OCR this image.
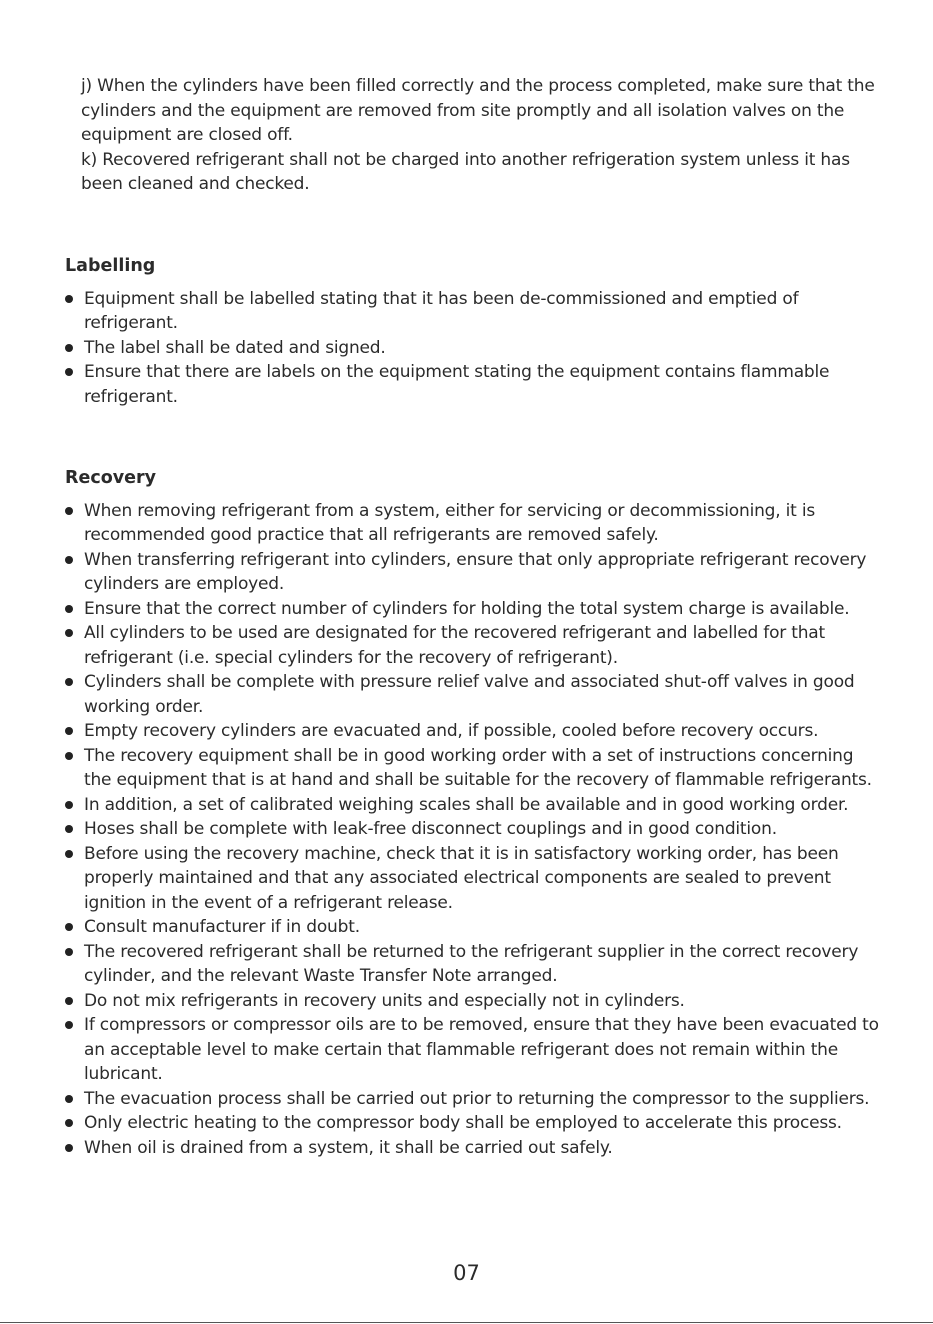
j) When the cylinders have been filled correctly and the process completed, make sure that the cylinders and the equipment are removed from site promptly and all isolation valves on the equipment are closed off.

k) Recovered refrigerant shall not be charged into another refrigeration system unless it has been cleaned and checked.

Labelling
Equipment shall be labelled stating that it has been de-commissioned and emptied of refrigerant.
The label shall be dated and signed.
Ensure that there are labels on the equipment stating the equipment contains flammable refrigerant.
Recovery
When removing refrigerant from a system, either for servicing or decommissioning, it is recommended good practice that all refrigerants are removed safely.
When transferring refrigerant into cylinders, ensure that only appropriate refrigerant recovery cylinders are employed.
Ensure that the correct number of cylinders for holding the total system charge is available.
All cylinders to be used are designated for the recovered refrigerant and labelled for that refrigerant (i.e. special cylinders for the recovery of refrigerant).
Cylinders shall be complete with pressure relief valve and associated shut-off valves in good working order.
Empty recovery cylinders are evacuated and, if possible, cooled before recovery occurs.
The recovery equipment shall be in good working order with a set of instructions concerning the equipment that is at hand and shall be suitable for the recovery of flammable refrigerants.
In addition, a set of calibrated weighing scales shall be available and in good working order.
Hoses shall be complete with leak-free disconnect couplings and in good condition.
Before using the recovery machine, check that it is in satisfactory working order, has been properly maintained and that any associated electrical components are sealed to prevent ignition in the event of a refrigerant release.
Consult manufacturer if in doubt.
The recovered refrigerant shall be returned to the refrigerant supplier in the correct recovery cylinder, and the relevant Waste Transfer Note arranged.
Do not mix refrigerants in recovery units and especially not in cylinders.
If compressors or compressor oils are to be removed, ensure that they have been evacuated to an acceptable level to make certain that flammable refrigerant does not remain within the lubricant.
The evacuation process shall be carried out prior to returning the compressor to the suppliers.
Only electric heating to the compressor body shall be employed to accelerate this process.
When oil is drained from a system, it shall be carried out safely.
07
